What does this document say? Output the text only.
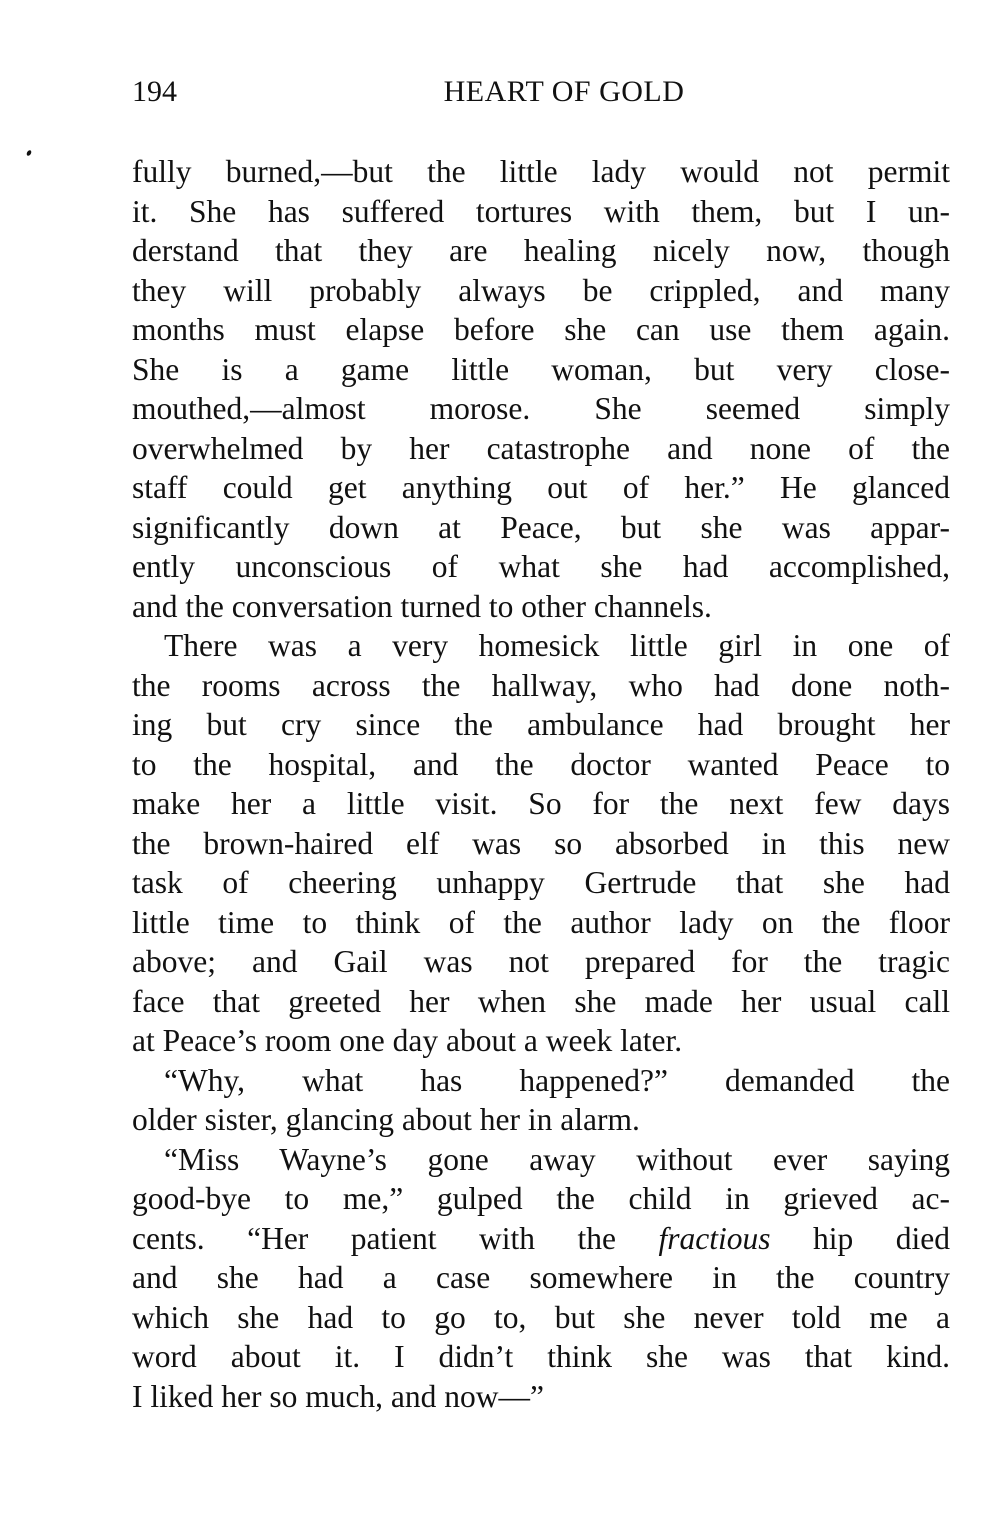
194	HEART OF GOLD
fully burned,—but the little lady would not permit
it. She has suffered tortures with them, but I un-
derstand that they are healing nicely now, though
they will probably always be crippled, and many
months must elapse before she can use them again.
She is a game little woman, but very close-
mouthed,—almost morose. She seemed simply
overwhelmed by her catastrophe and none of the
staff could get anything out of her.” He glanced
significantly down at Peace, but she was appar-
ently unconscious of what she had accomplished,
and the conversation turned to other channels.
There was a very homesick little girl in one of
the rooms across the hallway, who had done noth-
ing but cry since the ambulance had brought her
to the hospital, and the doctor wanted Peace to
make her a little visit. So for the next few days
the brown-haired elf was so absorbed in this new
task of cheering unhappy Gertrude that she had
little time to think of the author lady on the floor
above; and Gail was not prepared for the tragic
face that greeted her when she made her usual call
at Peace’s room one day about a week later.
“Why, what has happened?” demanded the
older sister, glancing about her in alarm.
“Miss Wayne’s gone away without ever saying
good-bye to me,” gulped the child in grieved ac-
cents. “Her patient with the fractious hip died
and she had a case somewhere in the country
which she had to go to, but she never told me a
word about it. I didn’t think she was that kind.
I liked her so much, and now—”
